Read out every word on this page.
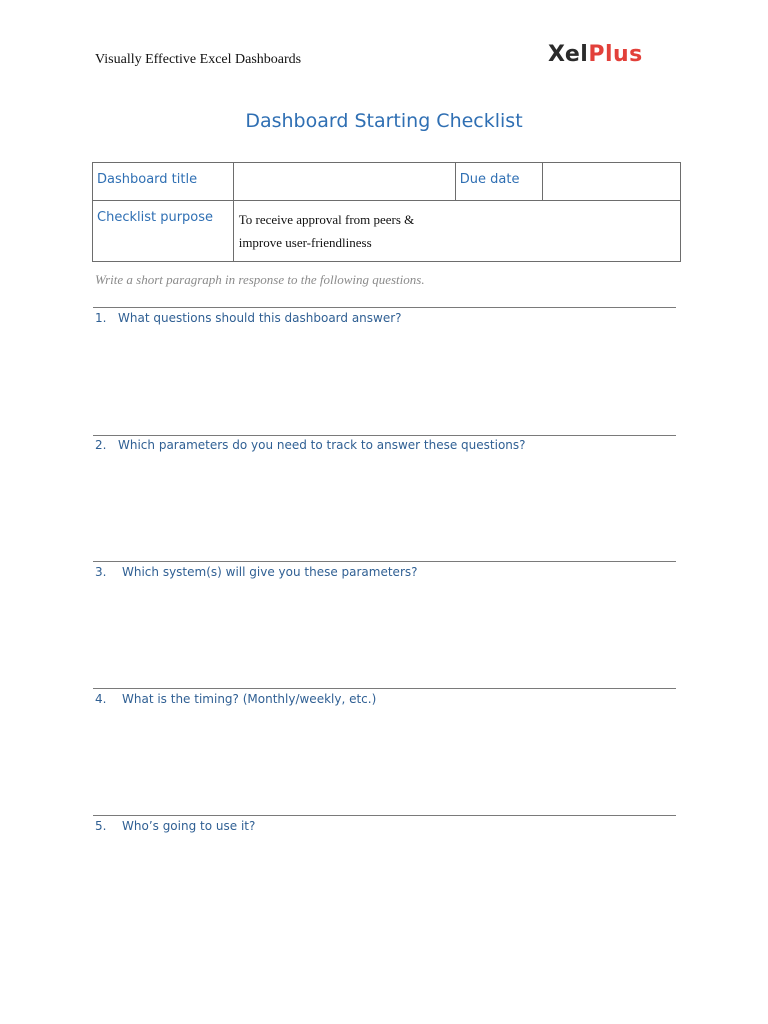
Visually Effective Excel Dashboards	XelPlus
Dashboard Starting Checklist
Dashboard title		Due date	
Checklist purpose	To receive approval from peers &
improve user-friendliness		
Write a short paragraph in response to the following questions.
1. What questions should this dashboard answer?
2. Which parameters do you need to track to answer these questions?
3. Which system(s) will give you these parameters?
4. What is the timing? (Monthly/weekly, etc.)
5. Who’s going to use it?
